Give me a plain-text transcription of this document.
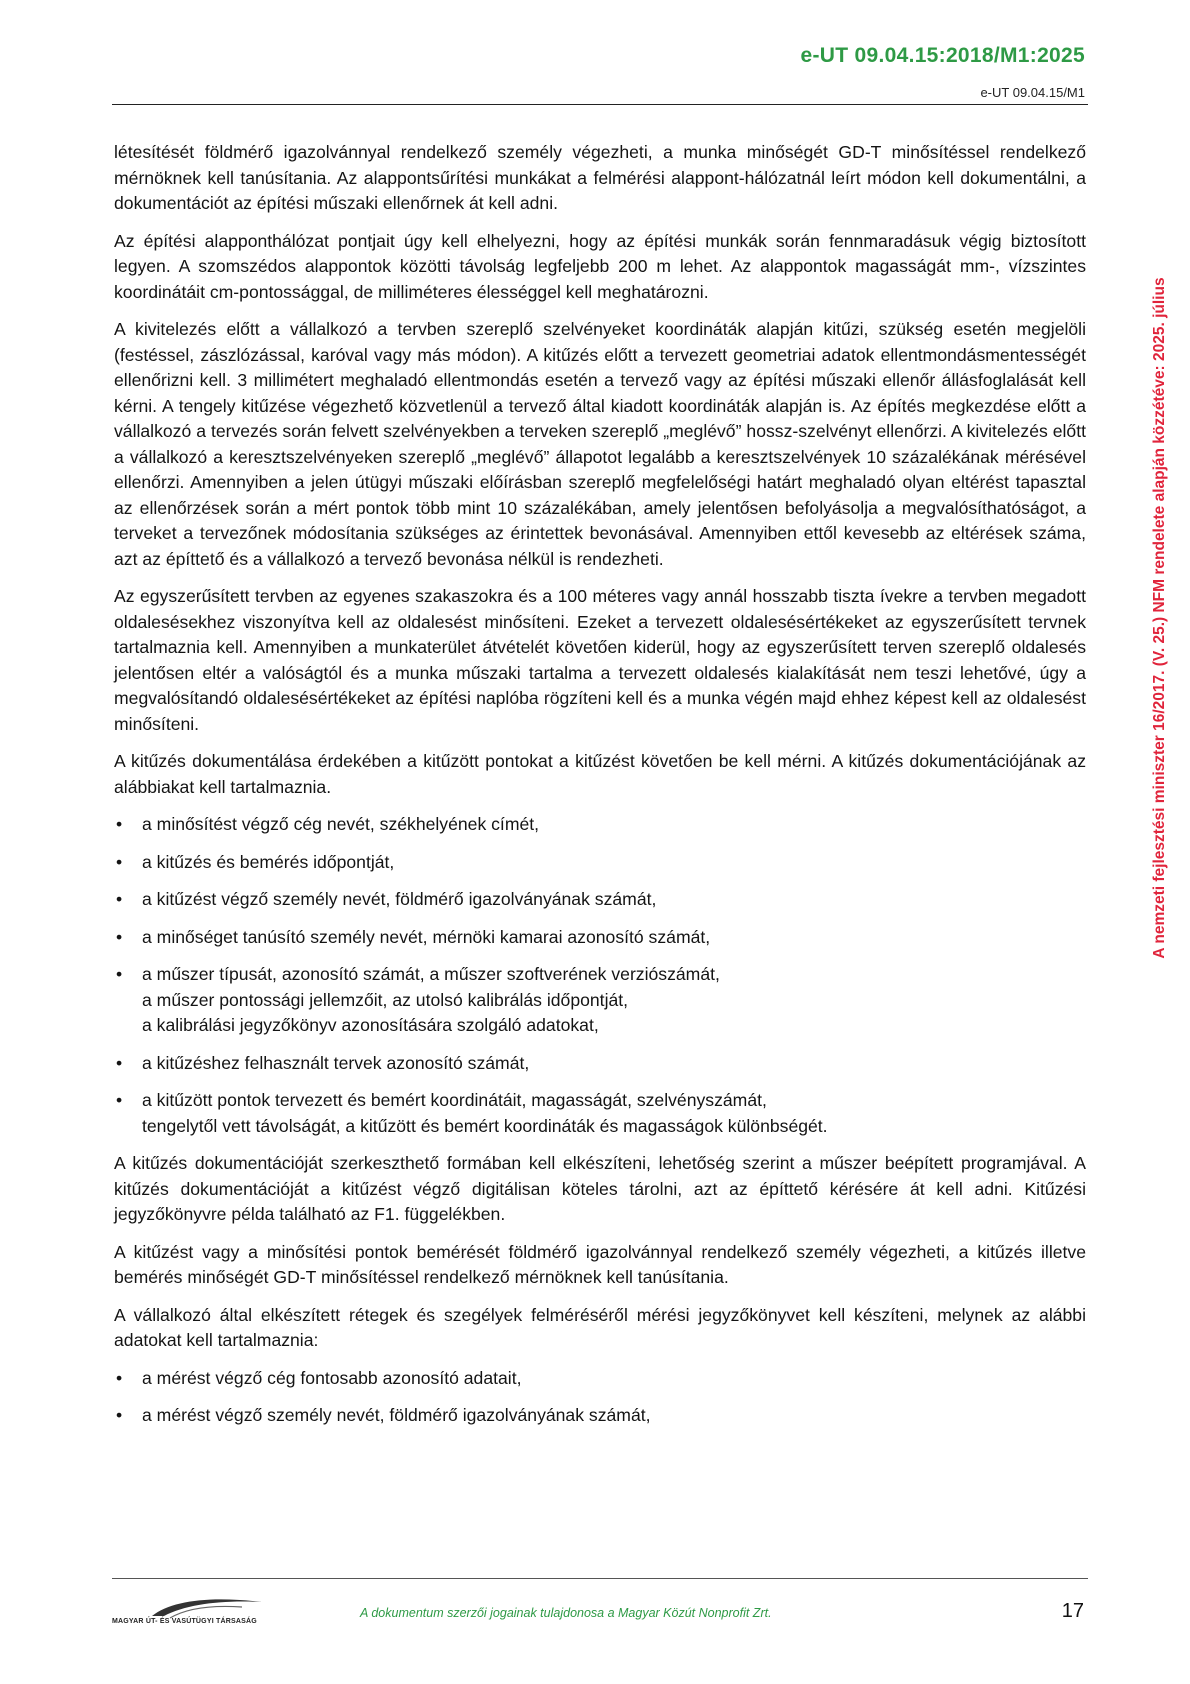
e-UT 09.04.15:2018/M1:2025
e-UT 09.04.15/M1
A nemzeti fejlesztési miniszter 16/2017. (V. 25.) NFM rendelete alapján közzétéve: 2025. július

létesítését földmérő igazolvánnyal rendelkező személy végezheti, a munka minőségét GD-T minősítéssel rendelkező mérnöknek kell tanúsítania. Az alappontsűrítési munkákat a felmérési alappont-hálózatnál leírt módon kell dokumentálni, a dokumentációt az építési műszaki ellenőrnek át kell adni.

Az építési alapponthálózat pontjait úgy kell elhelyezni, hogy az építési munkák során fennmaradásuk végig biztosított legyen. A szomszédos alappontok közötti távolság legfeljebb 200 m lehet. Az alappontok magasságát mm-, vízszintes koordinátáit cm-pontossággal, de milliméteres élességgel kell meghatározni.

A kivitelezés előtt a vállalkozó a tervben szereplő szelvényeket koordináták alapján kitűzi, szükség esetén megjelöli (festéssel, zászlózással, karóval vagy más módon). A kitűzés előtt a tervezett geometriai adatok ellentmondásmentességét ellenőrizni kell. 3 millimétert meghaladó ellentmondás esetén a tervező vagy az építési műszaki ellenőr állásfoglalását kell kérni. A tengely kitűzése végezhető közvetlenül a tervező által kiadott koordináták alapján is. Az építés megkezdése előtt a vállalkozó a tervezés során felvett szelvényekben a terveken szereplő „meglévő” hossz-szelvényt ellenőrzi. A kivitelezés előtt a vállalkozó a keresztszelvényeken szereplő „meglévő” állapotot legalább a keresztszelvények 10 százalékának mérésével ellenőrzi. Amennyiben a jelen útügyi műszaki előírásban szereplő megfelelőségi határt meghaladó olyan eltérést tapasztal az ellenőrzések során a mért pontok több mint 10 százalékában, amely jelentősen befolyásolja a megvalósíthatóságot, a terveket a tervezőnek módosítania szükséges az érintettek bevonásával. Amennyiben ettől kevesebb az eltérések száma, azt az építtető és a vállalkozó a tervező bevonása nélkül is rendezheti.

Az egyszerűsített tervben az egyenes szakaszokra és a 100 méteres vagy annál hosszabb tiszta ívekre a tervben megadott oldalesésekhez viszonyítva kell az oldalesést minősíteni. Ezeket a tervezett oldalesésértékeket az egyszerűsített tervnek tartalmaznia kell. Amennyiben a munkaterület átvételét követően kiderül, hogy az egyszerűsített terven szereplő oldalesés jelentősen eltér a valóságtól és a munka műszaki tartalma a tervezett oldalesés kialakítását nem teszi lehetővé, úgy a megvalósítandó oldalesésértékeket az építési naplóba rögzíteni kell és a munka végén majd ehhez képest kell az oldalesést minősíteni.

A kitűzés dokumentálása érdekében a kitűzött pontokat a kitűzést követően be kell mérni. A kitűzés dokumentációjának az alábbiakat kell tartalmaznia.

• a minősítést végző cég nevét, székhelyének címét,
• a kitűzés és bemérés időpontját,
• a kitűzést végző személy nevét, földmérő igazolványának számát,
• a minőséget tanúsító személy nevét, mérnöki kamarai azonosító számát,
• a műszer típusát, azonosító számát, a műszer szoftverének verziószámát,
a műszer pontossági jellemzőit, az utolsó kalibrálás időpontját,
a kalibrálási jegyzőkönyv azonosítására szolgáló adatokat,
• a kitűzéshez felhasznált tervek azonosító számát,
• a kitűzött pontok tervezett és bemért koordinátáit, magasságát, szelvényszámát,
tengelytől vett távolságát, a kitűzött és bemért koordináták és magasságok különbségét.

A kitűzés dokumentációját szerkeszthető formában kell elkészíteni, lehetőség szerint a műszer beépített programjával. A kitűzés dokumentációját a kitűzést végző digitálisan köteles tárolni, azt az építtető kérésére át kell adni. Kitűzési jegyzőkönyvre példa található az F1. függelékben.

A kitűzést vagy a minősítési pontok bemérését földmérő igazolvánnyal rendelkező személy végezheti, a kitűzés illetve bemérés minőségét GD-T minősítéssel rendelkező mérnöknek kell tanúsítania.

A vállalkozó által elkészített rétegek és szegélyek felméréséről mérési jegyzőkönyvet kell készíteni, melynek az alábbi adatokat kell tartalmaznia:

• a mérést végző cég fontosabb azonosító adatait,
• a mérést végző személy nevét, földmérő igazolványának számát,
MAGYAR ÚT- ÉS VASÚTÜGYI TÁRSASÁG
A dokumentum szerzői jogainak tulajdonosa a Magyar Közút Nonprofit Zrt.	17
